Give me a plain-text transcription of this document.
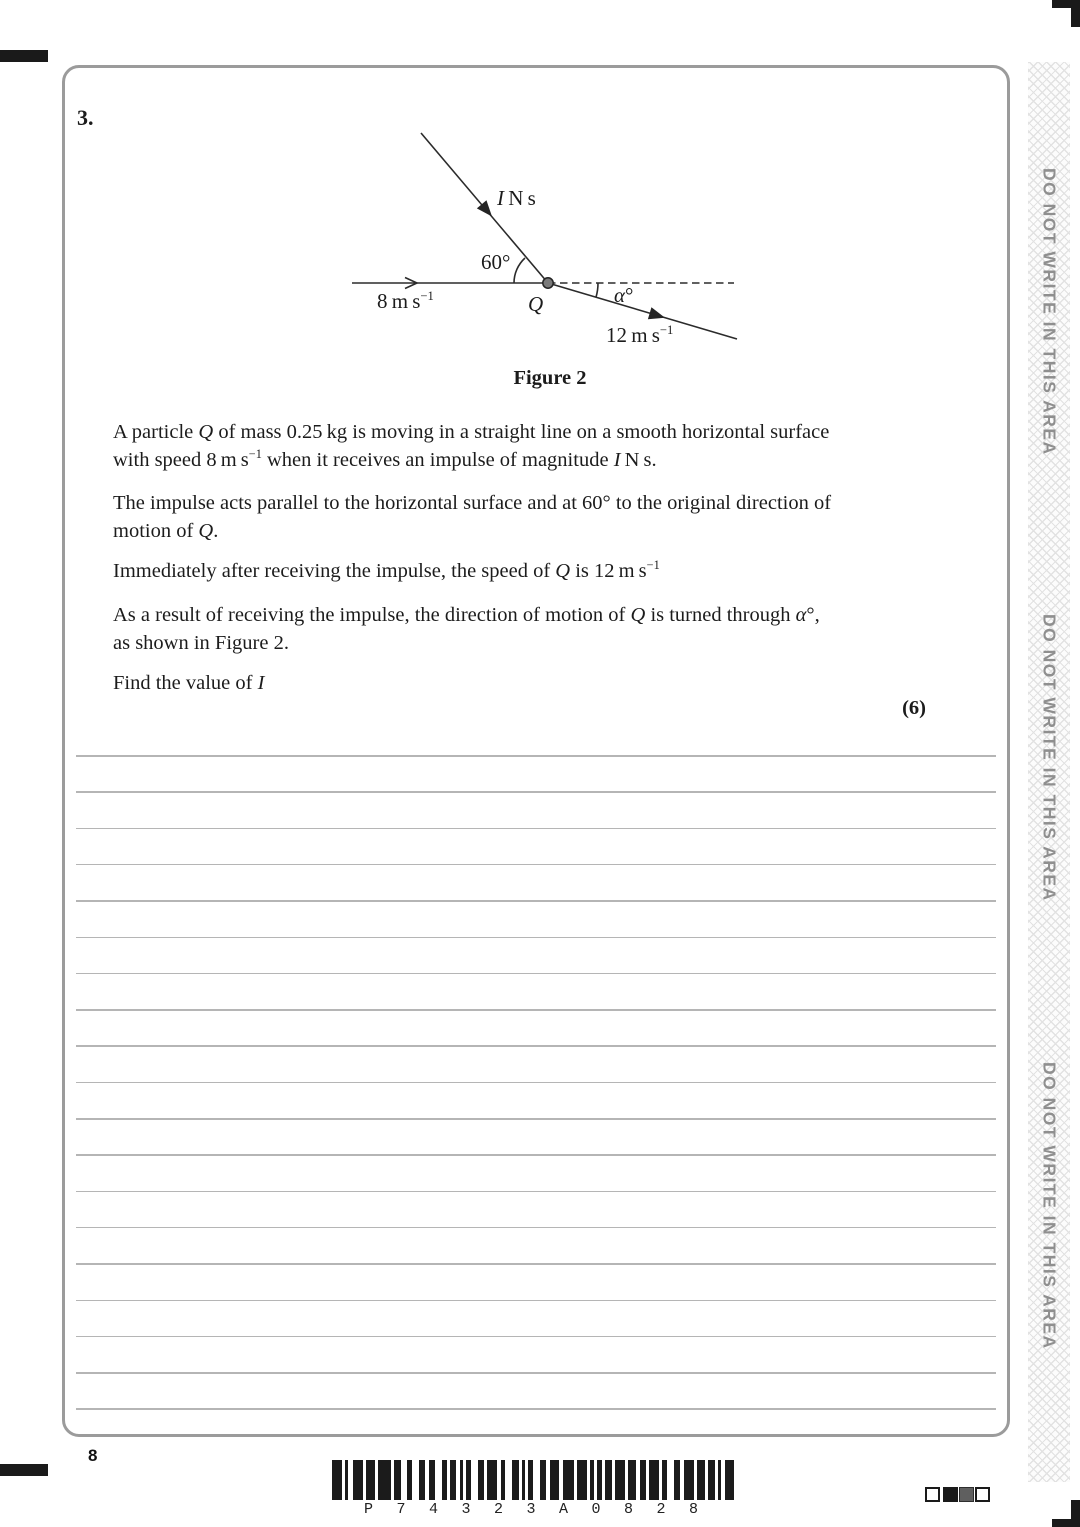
DO NOT WRITE IN THIS AREA
DO NOT WRITE IN THIS AREA
DO NOT WRITE IN THIS AREA
3.
I N s
60°
8 m $s^{-1}$	Q	α°
12 m $s^{-1}$
Figure 2
A particle Q of mass 0.25 kg is moving in a straight line on a smooth horizontal surface
with speed 8 m $s^{-1}$ when it receives an impulse of magnitude I N s.
The impulse acts parallel to the horizontal surface and at 60° to the original direction of
motion of Q.
Immediately after receiving the impulse, the speed of Q is 12 m $s^{-1}$
As a result of receiving the impulse, the direction of motion of Q is turned through α°,
as shown in Figure 2.
Find the value of I
(6)
8
P 7 4 3 2 3 A 0 8 2 8
